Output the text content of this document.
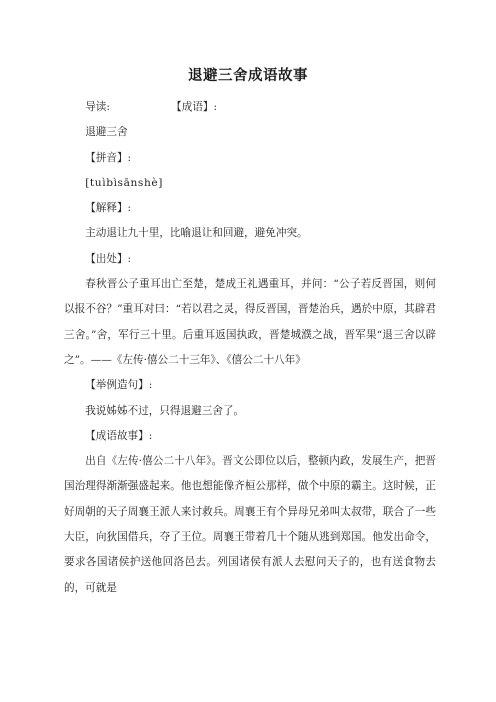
退避三舍成语故事
导读:	【成语】:

退避三舍

【拼音】:

[tuìbìsānshè]

【解释】:

主动退让九十里，比喻退让和回避，避免冲突。

【出处】:

春秋晋公子重耳出亡至楚，楚成王礼遇重耳，并问：“公子若反晋国，则何以报不谷？”重耳对曰：“若以君之灵，得反晋国，晋楚治兵，遇於中原，其辟君三舍。”舍，军行三十里。后重耳返国执政，晋楚城濮之战，晋军果“退三舍以辟之”。——《左传·僖公二十三年》、《僖公二十八年》

【举例造句】:

我说姊姊不过，只得退避三舍了。

【成语故事】:

出自《左传·僖公二十八年》。晋文公即位以后，整顿内政，发展生产，把晋国治理得渐渐强盛起来。他也想能像齐桓公那样，做个中原的霸主。这时候，正好周朝的天子周襄王派人来讨救兵。周襄王有个异母兄弟叫太叔带，联合了一些大臣，向狄国借兵，夺了王位。周襄王带着几十个随从逃到郑国。他发出命令，要求各国诸侯护送他回洛邑去。列国诸侯有派人去慰问天子的，也有送食物去的，可就是
